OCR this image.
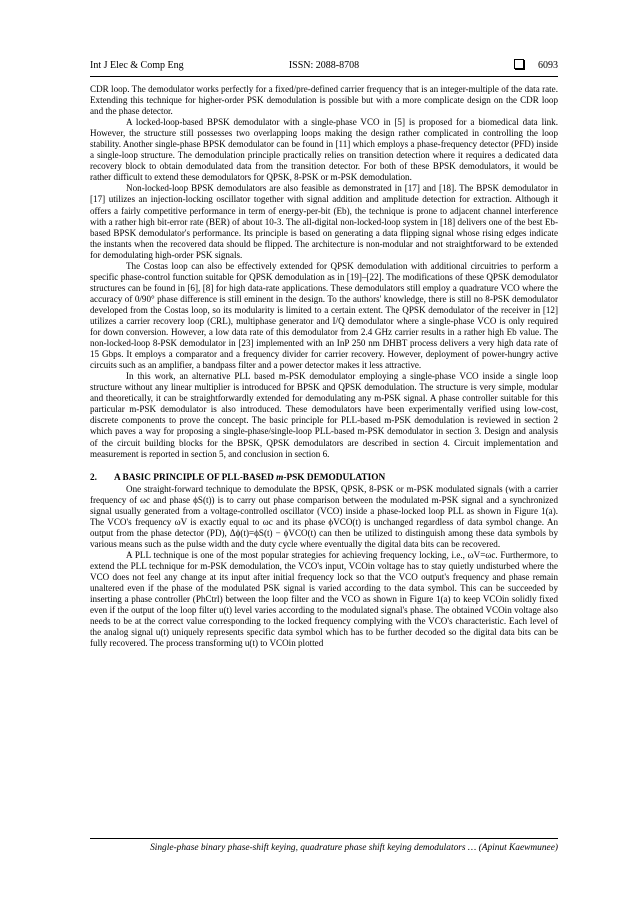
Int J Elec & Comp Eng	ISSN: 2088-8708	6093

CDR loop. The demodulator works perfectly for a fixed/pre-defined carrier frequency that is an integer-multiple of the data rate. Extending this technique for higher-order PSK demodulation is possible but with a more complicate design on the CDR loop and the phase detector.

A locked-loop-based BPSK demodulator with a single-phase VCO in [5] is proposed for a biomedical data link. However, the structure still possesses two overlapping loops making the design rather complicated in controlling the loop stability. Another single-phase BPSK demodulator can be found in [11] which employs a phase-frequency detector (PFD) inside a single-loop structure. The demodulation principle practically relies on transition detection where it requires a dedicated data recovery block to obtain demodulated data from the transition detector. For both of these BPSK demodulators, it would be rather difficult to extend these demodulators for QPSK, 8-PSK or m-PSK demodulation.

Non-locked-loop BPSK demodulators are also feasible as demonstrated in [17] and [18]. The BPSK demodulator in [17] utilizes an injection-locking oscillator together with signal addition and amplitude detection for extraction. Although it offers a fairly competitive performance in term of energy-per-bit (Eb), the technique is prone to adjacent channel interference with a rather high bit-error rate (BER) of about 10-3. The all-digital non-locked-loop system in [18] delivers one of the best Eb-based BPSK demodulator's performance. Its principle is based on generating a data flipping signal whose rising edges indicate the instants when the recovered data should be flipped. The architecture is non-modular and not straightforward to be extended for demodulating high-order PSK signals.

The Costas loop can also be effectively extended for QPSK demodulation with additional circuitries to perform a specific phase-control function suitable for QPSK demodulation as in [19]–[22]. The modifications of these QPSK demodulator structures can be found in [6], [8] for high data-rate applications. These demodulators still employ a quadrature VCO where the accuracy of 0/90° phase difference is still eminent in the design. To the authors' knowledge, there is still no 8-PSK demodulator developed from the Costas loop, so its modularity is limited to a certain extent. The QPSK demodulator of the receiver in [12] utilizes a carrier recovery loop (CRL), multiphase generator and I/Q demodulator where a single-phase VCO is only required for down conversion. However, a low data rate of this demodulator from 2.4 GHz carrier results in a rather high Eb value. The non-locked-loop 8-PSK demodulator in [23] implemented with an InP 250 nm DHBT process delivers a very high data rate of 15 Gbps. It employs a comparator and a frequency divider for carrier recovery. However, deployment of power-hungry active circuits such as an amplifier, a bandpass filter and a power detector makes it less attractive.

In this work, an alternative PLL based m-PSK demodulator employing a single-phase VCO inside a single loop structure without any linear multiplier is introduced for BPSK and QPSK demodulation. The structure is very simple, modular and theoretically, it can be straightforwardly extended for demodulating any m-PSK signal. A phase controller suitable for this particular m-PSK demodulator is also introduced. These demodulators have been experimentally verified using low-cost, discrete components to prove the concept. The basic principle for PLL-based m-PSK demodulation is reviewed in section 2 which paves a way for proposing a single-phase/single-loop PLL-based m-PSK demodulator in section 3. Design and analysis of the circuit building blocks for the BPSK, QPSK demodulators are described in section 4. Circuit implementation and measurement is reported in section 5, and conclusion in section 6.

2. A BASIC PRINCIPLE OF PLL-BASED m-PSK DEMODULATION

One straight-forward technique to demodulate the BPSK, QPSK, 8-PSK or m-PSK modulated signals (with a carrier frequency of ωc and phase ϕS(t)) is to carry out phase comparison between the modulated m-PSK signal and a synchronized signal usually generated from a voltage-controlled oscillator (VCO) inside a phase-locked loop PLL as shown in Figure 1(a). The VCO's frequency ωV is exactly equal to ωc and its phase ϕVCO(t) is unchanged regardless of data symbol change. An output from the phase detector (PD), Δϕ(t)=ϕS(t) − ϕVCO(t) can then be utilized to distinguish among these data symbols by various means such as the pulse width and the duty cycle where eventually the digital data bits can be recovered.

A PLL technique is one of the most popular strategies for achieving frequency locking, i.e., ωV=ωc. Furthermore, to extend the PLL technique for m-PSK demodulation, the VCO's input, VCOin voltage has to stay quietly undisturbed where the VCO does not feel any change at its input after initial frequency lock so that the VCO output's frequency and phase remain unaltered even if the phase of the modulated PSK signal is varied according to the data symbol. This can be succeeded by inserting a phase controller (PhCtrl) between the loop filter and the VCO as shown in Figure 1(a) to keep VCOin solidly fixed even if the output of the loop filter u(t) level varies according to the modulated signal's phase. The obtained VCOin voltage also needs to be at the correct value corresponding to the locked frequency complying with the VCO's characteristic. Each level of the analog signal u(t) uniquely represents specific data symbol which has to be further decoded so the digital data bits can be fully recovered. The process transforming u(t) to VCOin plotted

Single-phase binary phase-shift keying, quadrature phase shift keying demodulators … (Apinut Kaewmunee)
